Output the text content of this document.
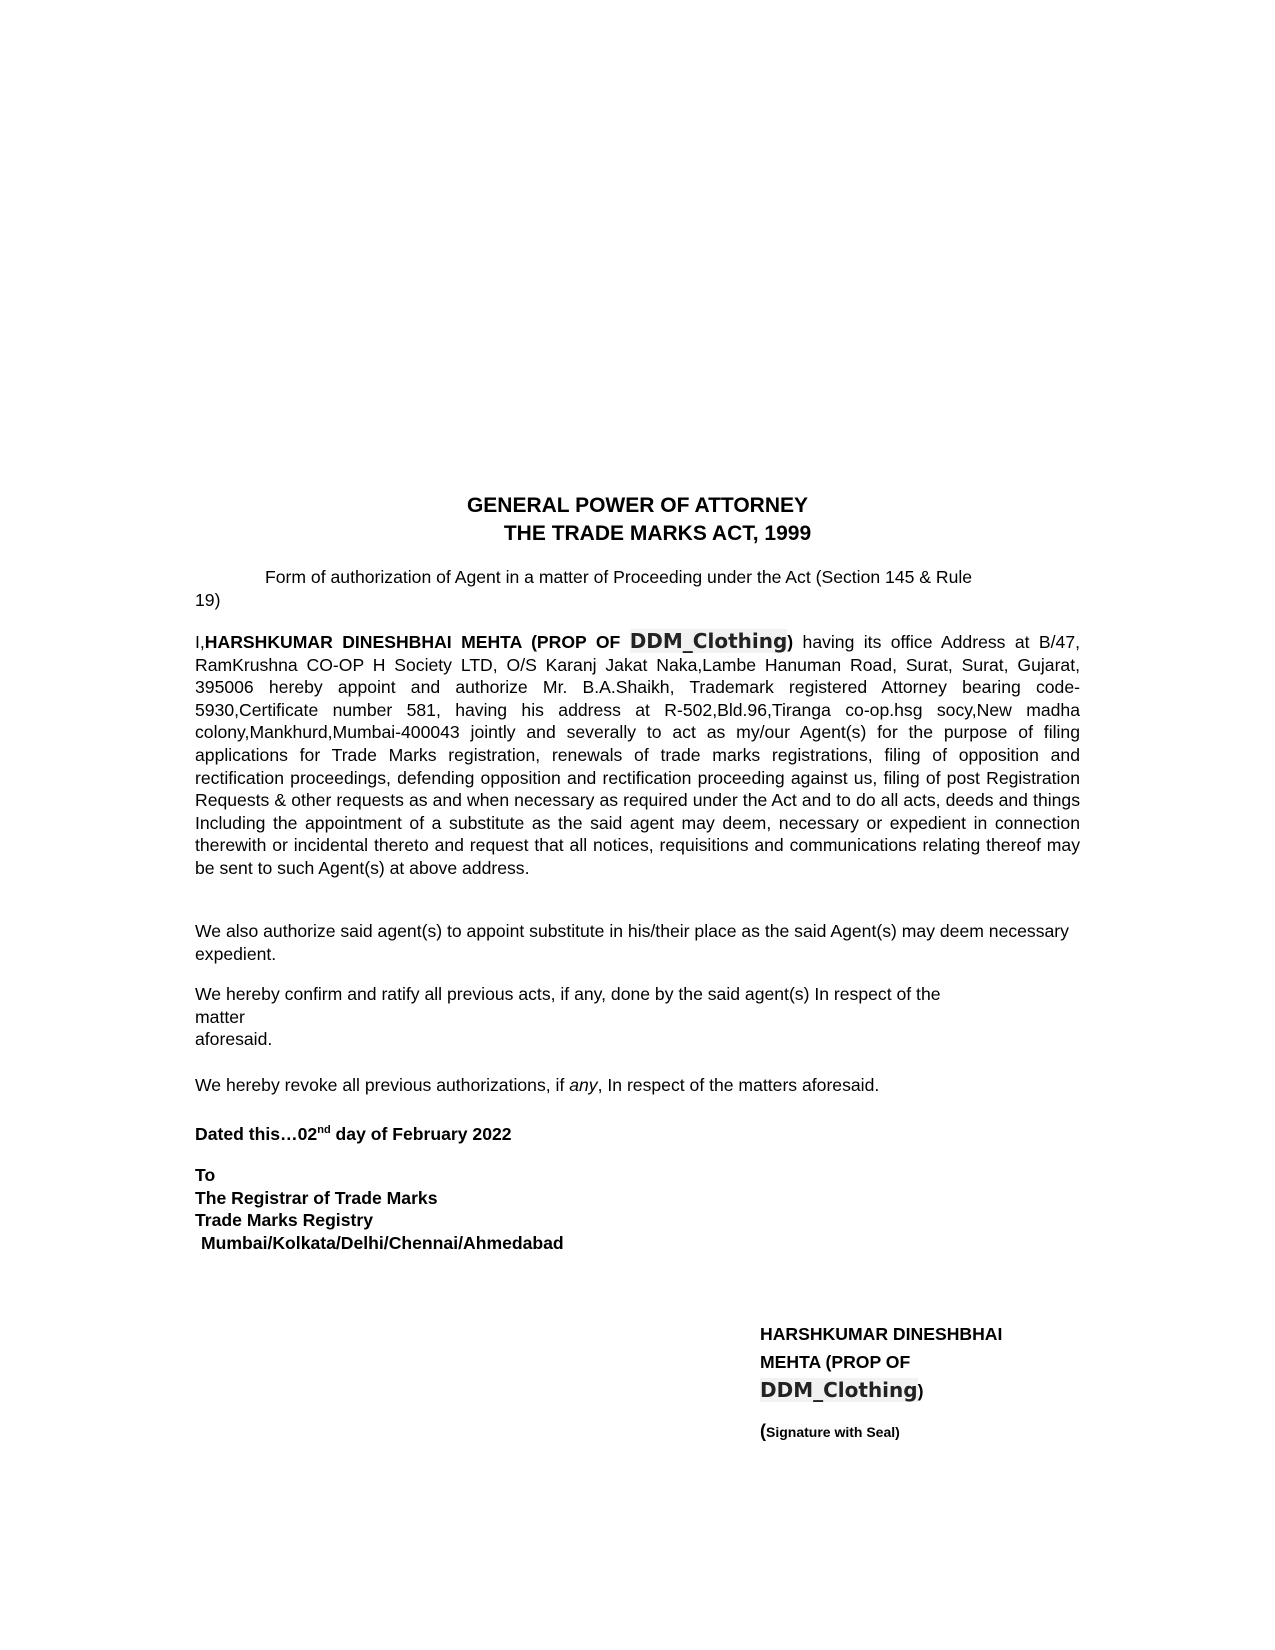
GENERAL POWER OF ATTORNEY
THE TRADE MARKS ACT, 1999
Form of authorization of Agent in a matter of Proceeding under the Act (Section 145 & Rule
19)
I,HARSHKUMAR DINESHBHAI MEHTA (PROP OF DDM_Clothing) having its office Address at B/47, RamKrushna CO-OP H Society LTD, O/S Karanj Jakat Naka,Lambe Hanuman Road, Surat, Surat, Gujarat, 395006 hereby appoint and authorize Mr. B.A.Shaikh, Trademark registered Attorney bearing code-5930,Certificate number 581, having his address at R-502,Bld.96,Tiranga co-op.hsg socy,New madha colony,Mankhurd,Mumbai-400043 jointly and severally to act as my/our Agent(s) for the purpose of filing applications for Trade Marks registration, renewals of trade marks registrations, filing of opposition and rectification proceedings, defending opposition and rectification proceeding against us, filing of post Registration Requests & other requests as and when necessary as required under the Act and to do all acts, deeds and things Including the appointment of a substitute as the said agent may deem, necessary or expedient in connection therewith or incidental thereto and request that all notices, requisitions and communications relating thereof may be sent to such Agent(s) at above address.
We also authorize said agent(s) to appoint substitute in his/their place as the said Agent(s) may deem necessary expedient.
We hereby confirm and ratify all previous acts, if any, done by the said agent(s) In respect of the
matter
aforesaid.
We hereby revoke all previous authorizations, if any, In respect of the matters aforesaid.
Dated this…02nd day of February 2022
To
The Registrar of Trade Marks
Trade Marks Registry
Mumbai/Kolkata/Delhi/Chennai/Ahmedabad
HARSHKUMAR DINESHBHAI
MEHTA (PROP OF
DDM_Clothing)
(Signature with Seal)
